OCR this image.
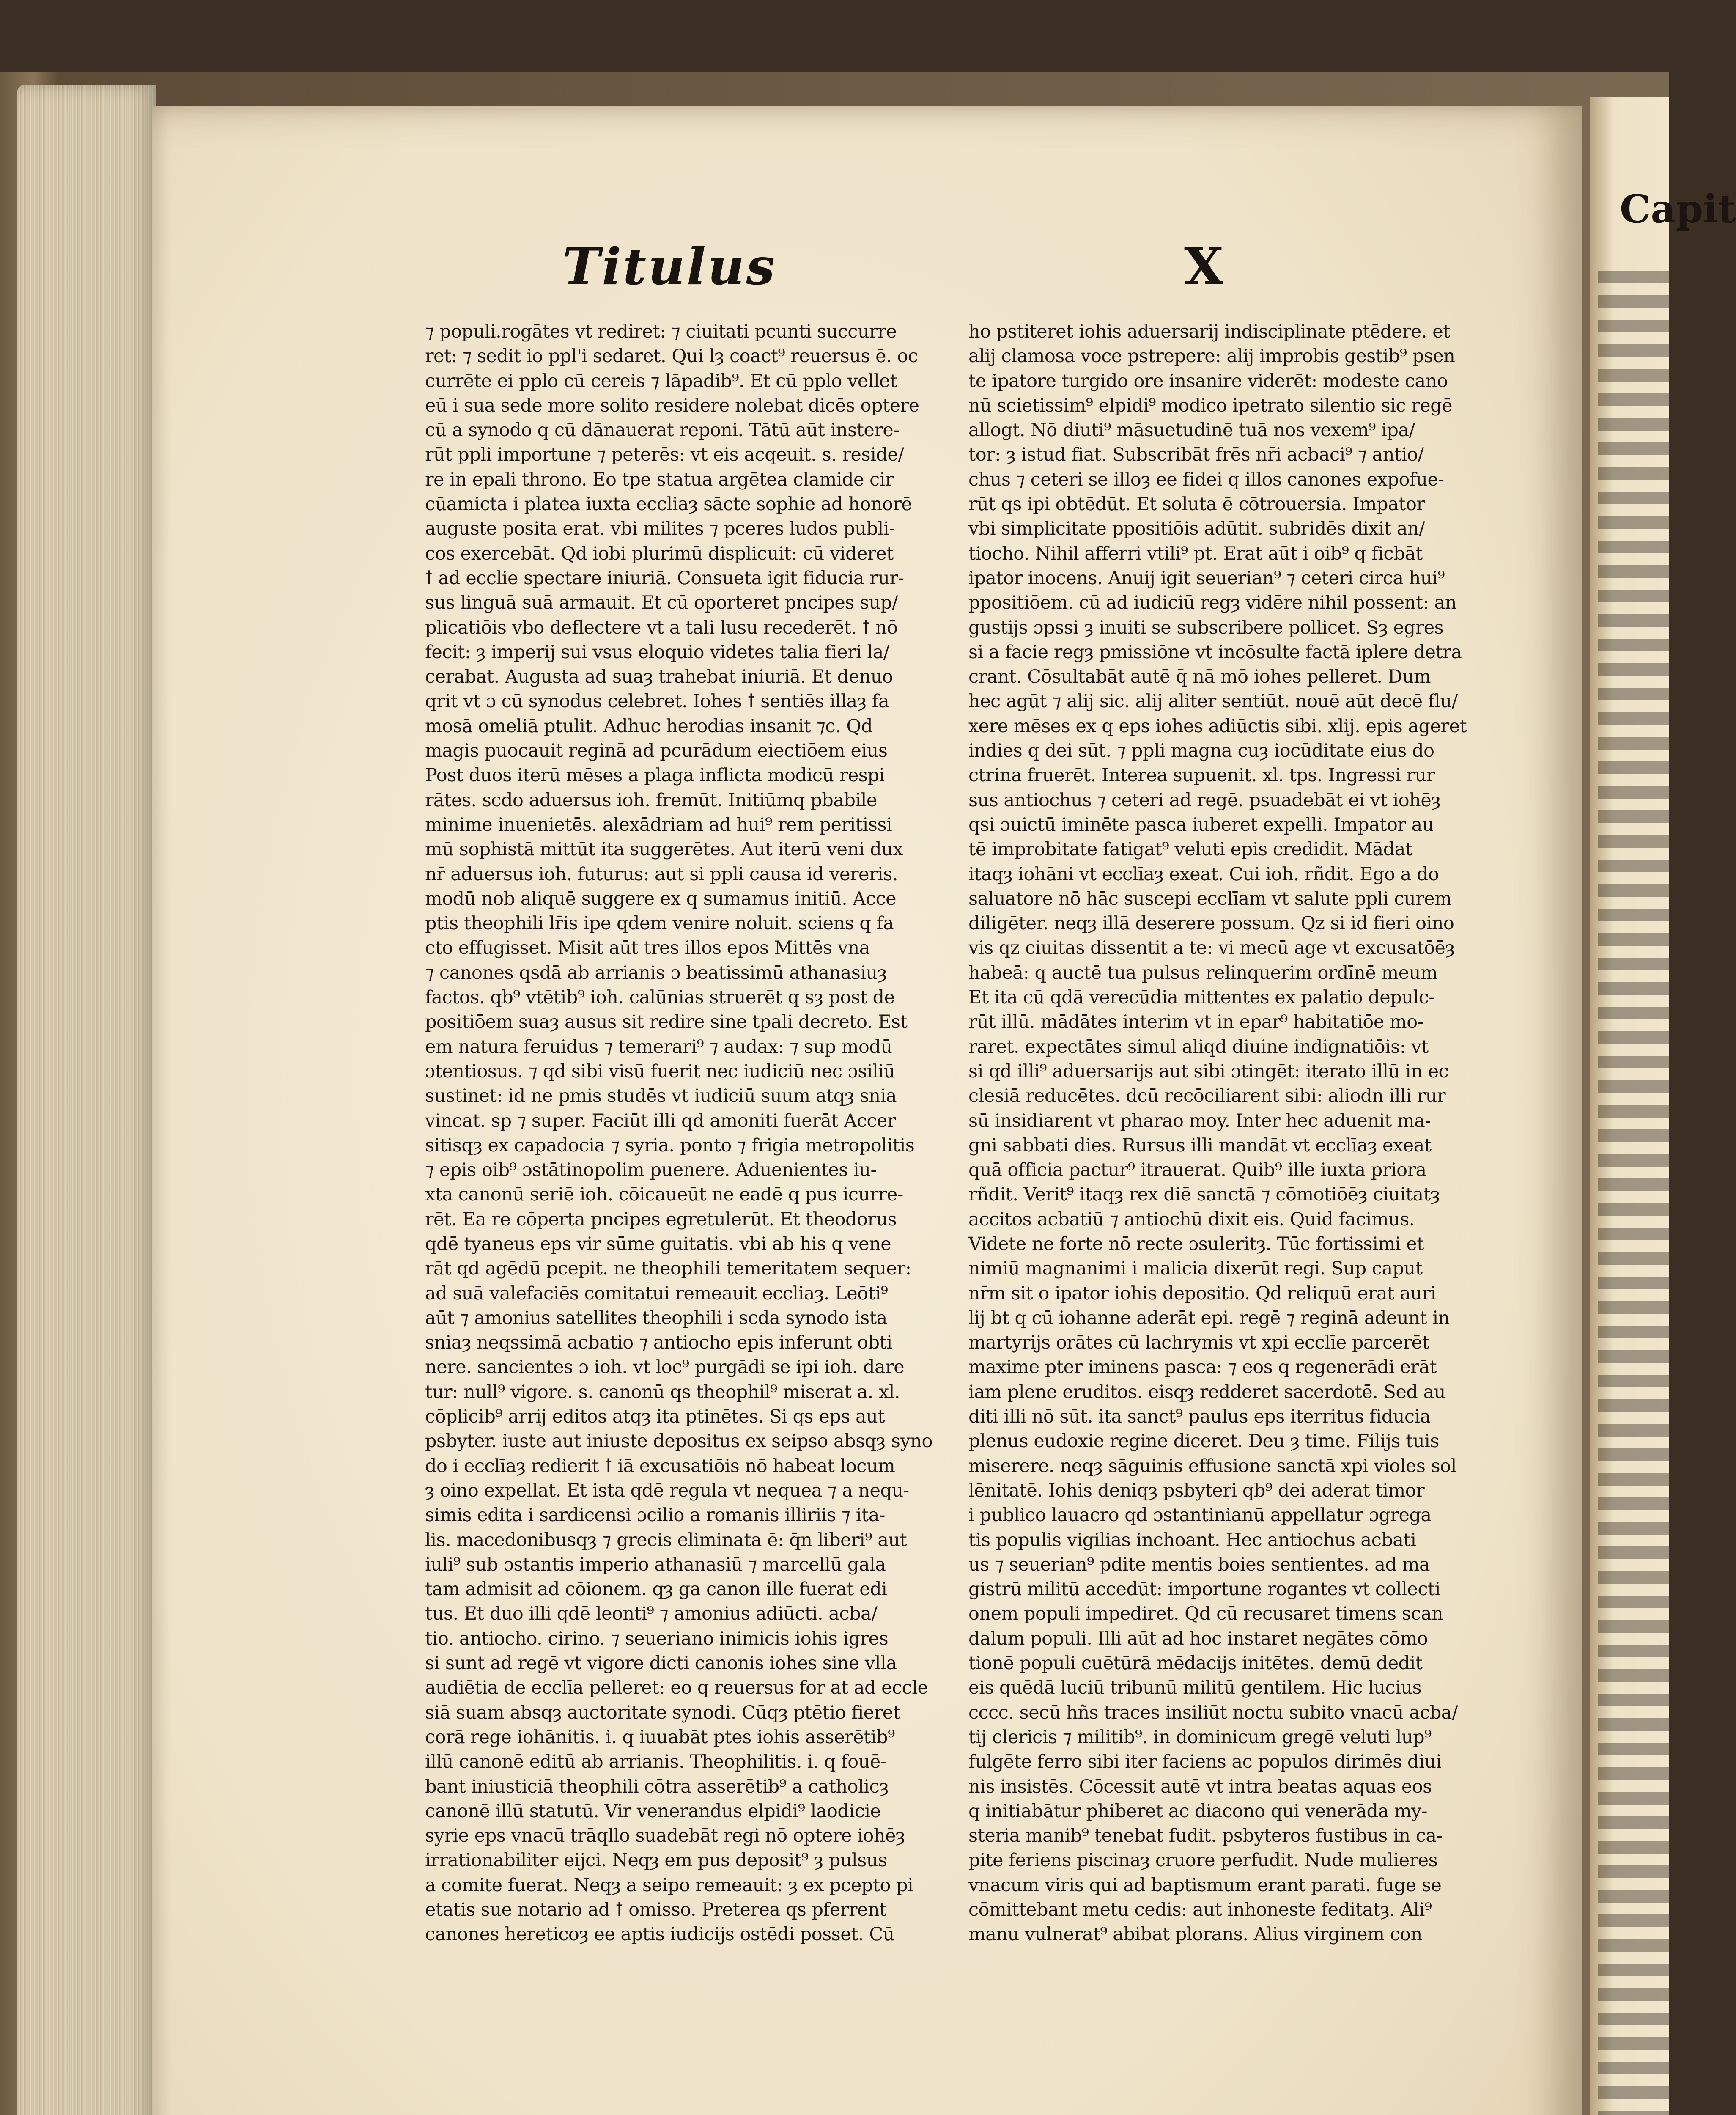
Capit
Titulus	X

⁊ populi.rogātes vt rediret: ⁊ ciuitati pcunti succurre

ret: ⁊ sedit io ppl'i sedaret. Qui lȝ coact⁹ reuersus ē. oc

currēte ei pplo cū cereis ⁊ lāpadib⁹. Et cū pplo vellet

eū i sua sede more solito residere nolebat dicēs optere

cū a synodo q cū dānauerat reponi. Tātū aūt instere-

rūt ppli importune ⁊ peterēs: vt eis acqeuit. s. reside/

re in epali throno. Eo tpe statua argētea clamide cir

cūamicta i platea iuxta eccliaȝ sācte sophie ad honorē

auguste posita erat. vbi milites ⁊ pceres ludos publi-

cos exercebāt. Qd iobi plurimū displicuit: cū videret

ꝉ ad ecclie spectare iniuriā. Consueta igit fiducia rur-

sus linguā suā armauit. Et cū oporteret pncipes sup/

plicatiōis vbo deflectere vt a tali lusu recederēt. ꝉ nō

fecit: ȝ imperij sui vsus eloquio videtes talia fieri la/

cerabat. Augusta ad suaȝ trahebat iniuriā. Et denuo

qrit vt ɔ cū synodus celebret. Iohes ꝉ sentiēs illaȝ fa

mosā omeliā ptulit. Adhuc herodias insanit ⁊c. Qd

magis puocauit reginā ad pcurādum eiectiōem eius

Post duos iterū mēses a plaga inflicta modicū respi

rātes. scdo aduersus ioh. fremūt. Initiūmq pbabile

minime inuenietēs. alexādriam ad hui⁹ rem peritissi

mū sophistā mittūt ita suggerētes. Aut iterū veni dux

nr̄ aduersus ioh. futurus: aut si ppli causa id vereris.

modū nob aliquē suggere ex q sumamus initiū. Acce

ptis theophili lr̄is ipe qdem venire noluit. sciens q fa

cto effugisset. Misit aūt tres illos epos Mittēs vna

⁊ canones qsdā ab arrianis ɔ beatissimū athanasiuȝ

factos. qb⁹ vtētib⁹ ioh. calūnias struerēt q sȝ post de

positiōem suaȝ ausus sit redire sine tpali decreto. Est

em natura feruidus ⁊ temerari⁹ ⁊ audax: ⁊ sup modū

ɔtentiosus. ⁊ qd sibi visū fuerit nec iudiciū nec ɔsiliū

sustinet: id ne pmis studēs vt iudiciū suum atqȝ snia

vincat. sp ⁊ super. Faciūt illi qd amoniti fuerāt Accer

sitisqȝ ex capadocia ⁊ syria. ponto ⁊ frigia metropolitis

⁊ epis oib⁹ ɔstātinopolim puenere. Aduenientes iu-

xta canonū seriē ioh. cōicaueūt ne eadē q pus icurre-

rēt. Ea re cōperta pncipes egretulerūt. Et theodorus

qdē tyaneus eps vir sūme guitatis. vbi ab his q vene

rāt qd agēdū pcepit. ne theophili temeritatem sequer:

ad suā valefaciēs comitatui remeauit eccliaȝ. Leōti⁹

aūt ⁊ amonius satellites theophili i scda synodo ista

sniaȝ neqssimā acbatio ⁊ antiocho epis inferunt obti

nere. sancientes ɔ ioh. vt loc⁹ purgādi se ipi ioh. dare

tur: null⁹ vigore. s. canonū qs theophil⁹ miserat a. xl.

cōplicib⁹ arrij editos atqȝ ita ptinētes. Si qs eps aut

psbyter. iuste aut iniuste depositus ex seipso absqȝ syno

do i ecclīaȝ redierit ꝉ iā excusatiōis nō habeat locum

ȝ oino expellat. Et ista qdē regula vt nequea ⁊ a nequ-

simis edita i sardicensi ɔcilio a romanis illiriis ⁊ ita-

lis. macedonibusqȝ ⁊ grecis eliminata ē: q̄n liberi⁹ aut

iuli⁹ sub ɔstantis imperio athanasiū ⁊ marcellū gala

tam admisit ad cōionem. qȝ ga canon ille fuerat edi

tus. Et duo illi qdē leonti⁹ ⁊ amonius adiūcti. acba/

tio. antiocho. cirino. ⁊ seueriano inimicis iohis igres

si sunt ad regē vt vigore dicti canonis iohes sine vlla

audiētia de ecclīa pelleret: eo q reuersus for at ad eccle

siā suam absqȝ auctoritate synodi. Cūqȝ ptētio fieret

corā rege iohānitis. i. q iuuabāt ptes iohis asserētib⁹

illū canonē editū ab arrianis. Theophilitis. i. q fouē-

bant iniusticiā theophili cōtra asserētib⁹ a catholicȝ

canonē illū statutū. Vir venerandus elpidi⁹ laodicie

syrie eps vnacū trāqllo suadebāt regi nō optere iohēȝ

irrationabiliter eijci. Neqȝ em pus deposit⁹ ȝ pulsus

a comite fuerat. Neqȝ a seipo remeauit: ȝ ex pcepto pi

etatis sue notario ad ꝉ omisso. Preterea qs pferrent

canones hereticoȝ ee aptis iudicijs ostēdi posset. Cū

ho pstiteret iohis aduersarij indisciplinate ptēdere. et

alij clamosa voce pstrepere: alij improbis gestib⁹ psen

te ipatore turgido ore insanire viderēt: modeste cano

nū scietissim⁹ elpidi⁹ modico ipetrato silentio sic regē

allogt. Nō diuti⁹ māsuetudinē tuā nos vexem⁹ ipa/

tor: ȝ istud fiat. Subscribāt frēs nr̄i acbaci⁹ ⁊ antio/

chus ⁊ ceteri se illoȝ ee fidei q illos canones expofue-

rūt qs ipi obtēdūt. Et soluta ē cōtrouersia. Impator

vbi simplicitate ppositiōis adūtit. subridēs dixit an/

tiocho. Nihil afferri vtili⁹ pt. Erat aūt i oib⁹ q ficbāt

ipator inocens. Anuij igit seuerian⁹ ⁊ ceteri circa hui⁹

ppositiōem. cū ad iudiciū regȝ vidēre nihil possent: an

gustijs ɔpssi ȝ inuiti se subscribere pollicet. Sȝ egres

si a facie regȝ pmissiōne vt incōsulte factā iplere detra

crant. Cōsultabāt autē q̄ nā mō iohes pelleret. Dum

hec agūt ⁊ alij sic. alij aliter sentiūt. nouē aūt decē flu/

xere mēses ex q eps iohes adiūctis sibi. xlij. epis ageret

indies q dei sūt. ⁊ ppli magna cuȝ iocūditate eius do

ctrina fruerēt. Interea supuenit. xl. tps. Ingressi rur

sus antiochus ⁊ ceteri ad regē. psuadebāt ei vt iohēȝ

qsi ɔuictū iminēte pasca iuberet expelli. Impator au

tē improbitate fatigat⁹ veluti epis credidit. Mādat

itaqȝ iohāni vt ecclīaȝ exeat. Cui ioh. rñdit. Ego a do

saluatore nō hāc suscepi ecclīam vt salute ppli curem

diligēter. neqȝ illā deserere possum. Qz si id fieri oino

vis qz ciuitas dissentit a te: vi mecū age vt excusatōēȝ

habeā: q auctē tua pulsus relinquerim ordīnē meum

Et ita cū qdā verecūdia mittentes ex palatio depulc-

rūt illū. mādātes interim vt in epar⁹ habitatiōe mo-

raret. expectātes simul aliqd diuine indignatiōis: vt

si qd illi⁹ aduersarijs aut sibi ɔtingēt: iterato illū in ec

clesiā reducētes. dcū recōciliarent sibi: aliodn illi rur

sū insidiarent vt pharao moy. Inter hec aduenit ma-

gni sabbati dies. Rursus illi mandāt vt ecclīaȝ exeat

quā officia pactur⁹ itrauerat. Quib⁹ ille iuxta priora

rñdit. Verit⁹ itaqȝ rex diē sanctā ⁊ cōmotiōēȝ ciuitatȝ

accitos acbatiū ⁊ antiochū dixit eis. Quid facimus.

Videte ne forte nō recte ɔsuleritȝ. Tūc fortissimi et

nimiū magnanimi i malicia dixerūt regi. Sup caput

nr̄m sit o ipator iohis depositio. Qd reliquū erat auri

lij bt q cū iohanne aderāt epi. regē ⁊ reginā adeunt in

martyrijs orātes cū lachrymis vt xpi ecclīe parcerēt

maxime pter iminens pasca: ⁊ eos q regenerādi erāt

iam plene eruditos. eisqȝ redderet sacerdotē. Sed au

diti illi nō sūt. ita sanct⁹ paulus eps iterritus fiducia

plenus eudoxie regine diceret. Deu ȝ time. Filijs tuis

miserere. neqȝ sāguinis effusione sanctā xpi violes sol

lēnitatē. Iohis deniqȝ psbyteri qb⁹ dei aderat timor

i publico lauacro qd ɔstantinianū appellatur ɔgrega

tis populis vigilias inchoant. Hec antiochus acbati

us ⁊ seuerian⁹ pdite mentis boies sentientes. ad ma

gistrū militū accedūt: importune rogantes vt collecti

onem populi impediret. Qd cū recusaret timens scan

dalum populi. Illi aūt ad hoc instaret negātes cōmo

tionē populi cuētūrā mēdacijs initētes. demū dedit

eis quēdā luciū tribunū militū gentilem. Hic lucius

cccc. secū hñs traces insiliūt noctu subito vnacū acba/

tij clericis ⁊ militib⁹. in dominicum gregē veluti lup⁹

fulgēte ferro sibi iter faciens ac populos dirimēs diui

nis insistēs. Cōcessit autē vt intra beatas aquas eos

q initiabātur phiberet ac diacono qui venerāda my-

steria manib⁹ tenebat fudit. psbyteros fustibus in ca-

pite feriens piscinaȝ cruore perfudit. Nude mulieres

vnacum viris qui ad baptismum erant parati. fuge se

cōmittebant metu cedis: aut inhoneste feditatȝ. Ali⁹

manu vulnerat⁹ abibat plorans. Alius virginem con
